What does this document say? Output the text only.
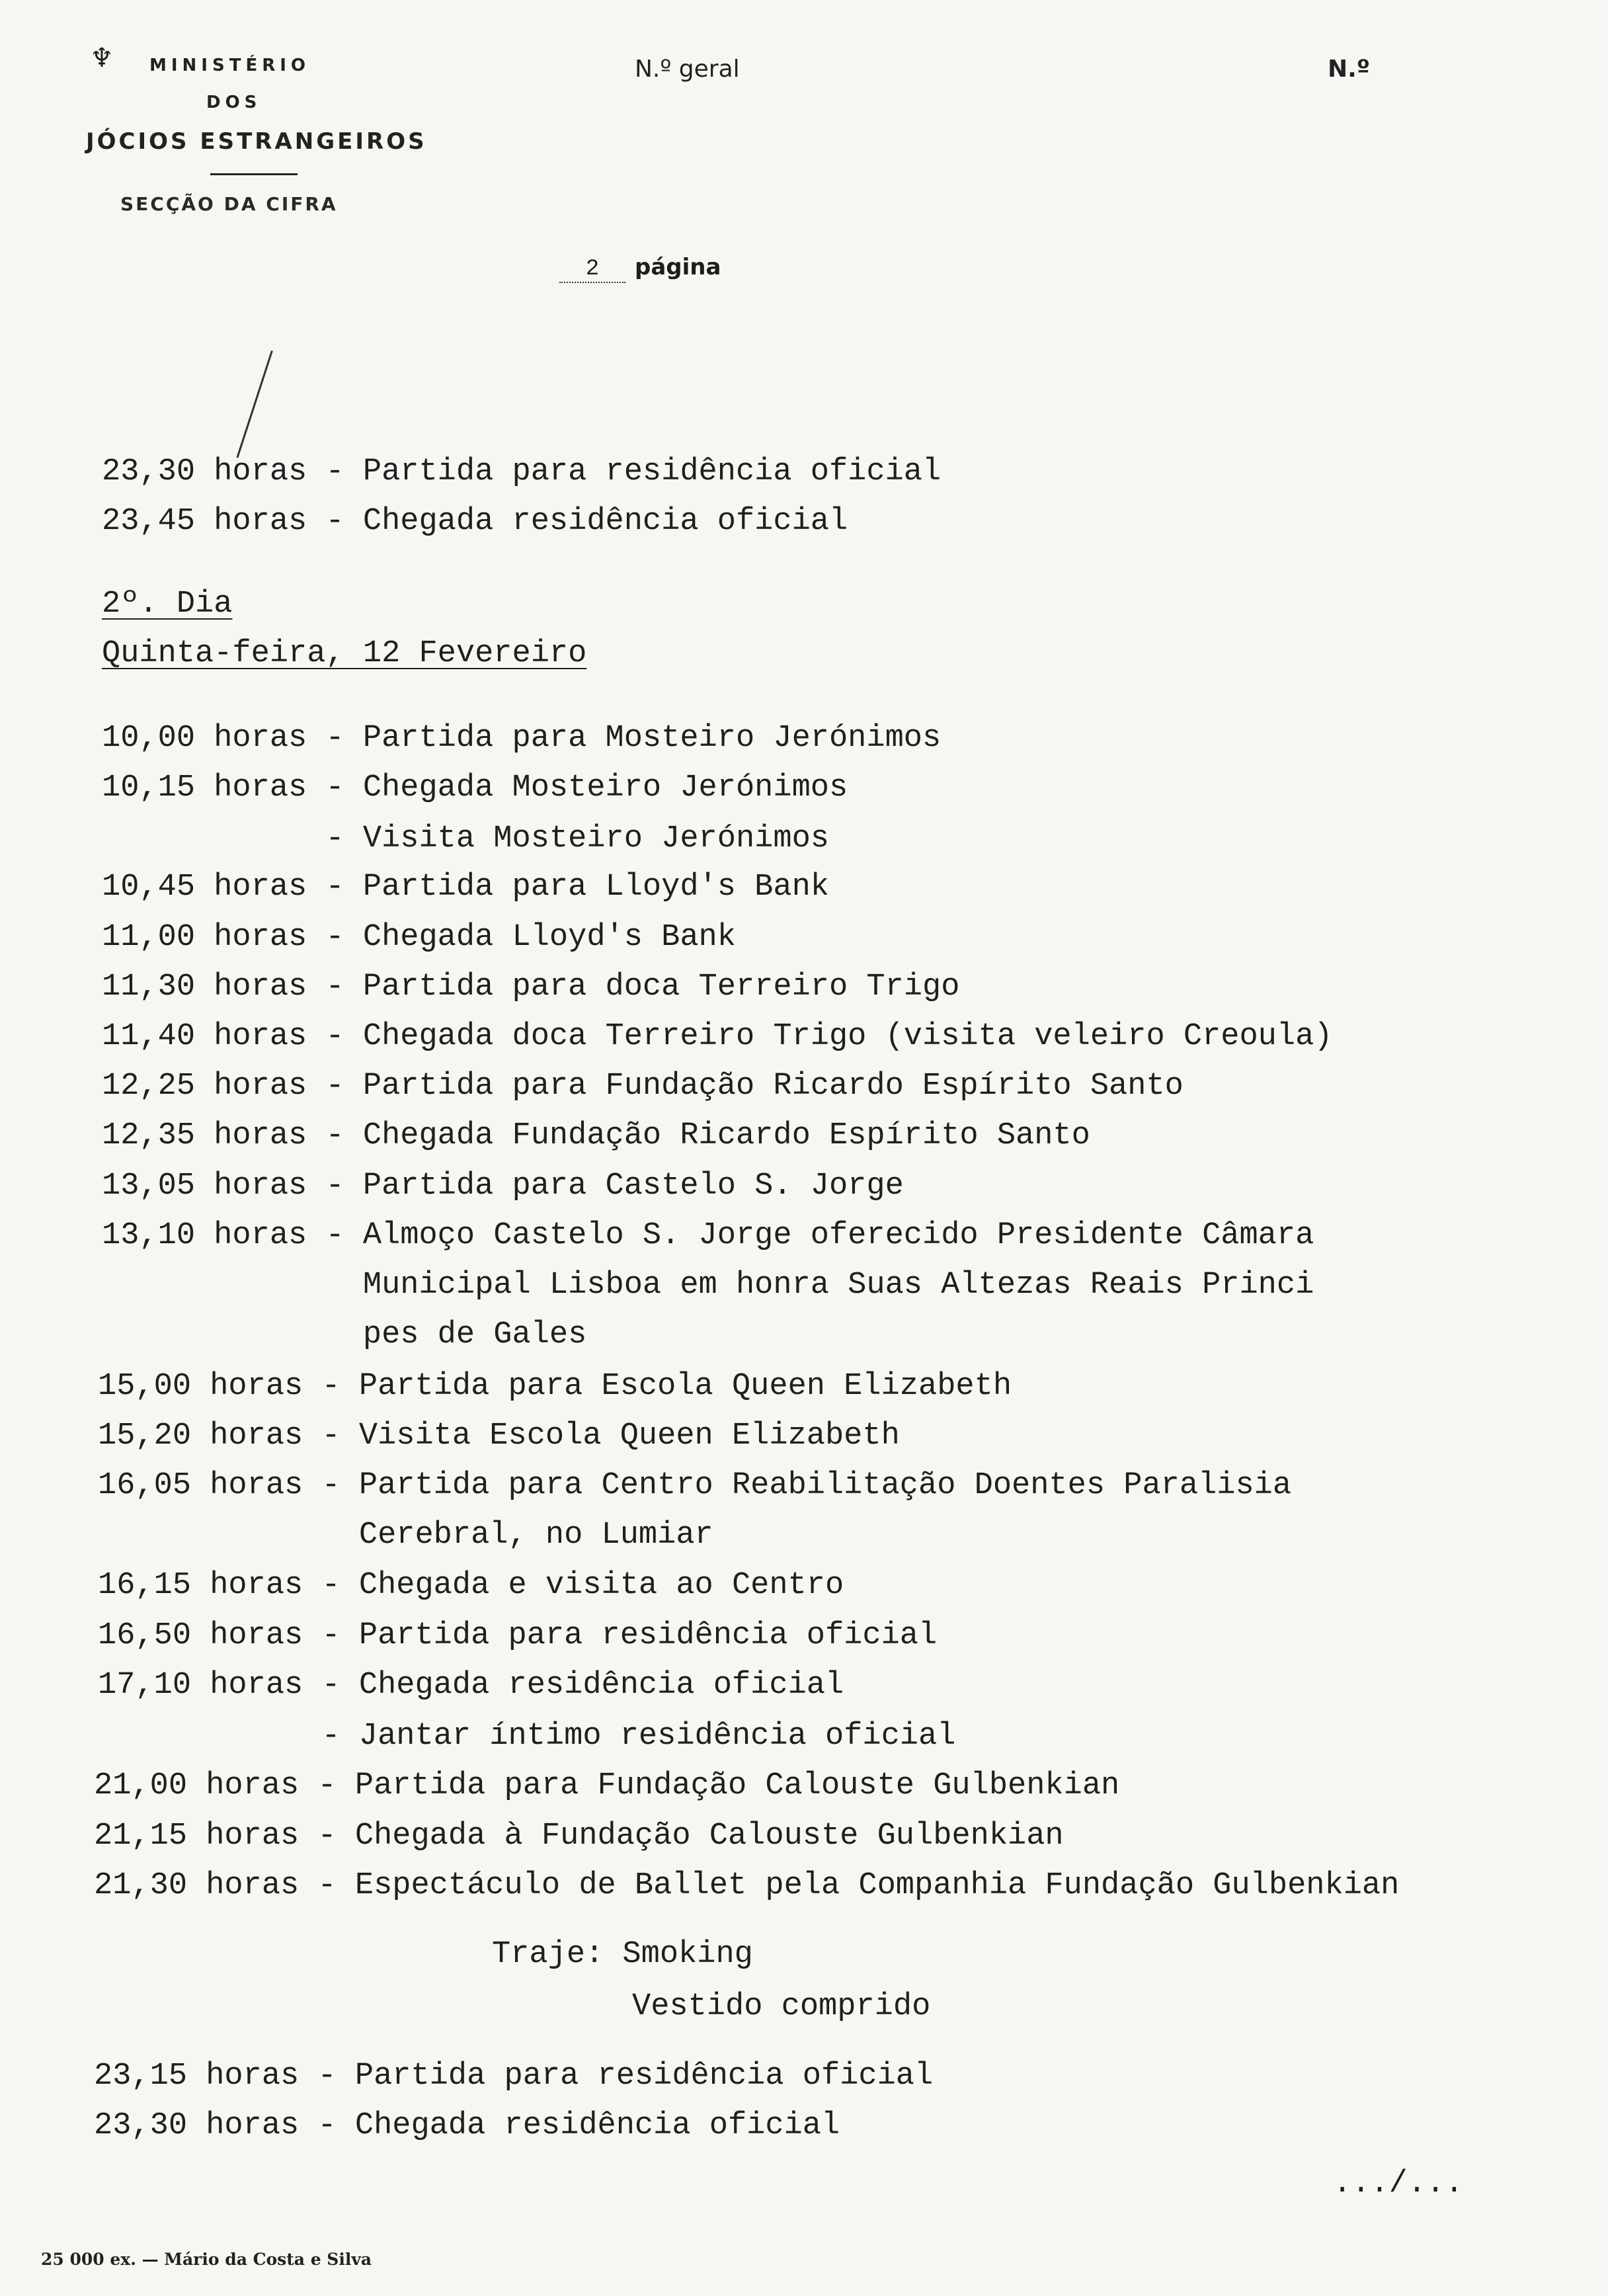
♆ MINISTÉRIO
DOS
JÓCIOS ESTRANGEIROS
SECÇÃO DA CIFRA
N.º geral	N.º
2 página
23,30 horas - Partida para residência oficial
23,45 horas - Chegada residência oficial
2º. Dia
Quinta-feira, 12 Fevereiro
10,00 horas - Partida para Mosteiro Jerónimos
10,15 horas - Chegada Mosteiro Jerónimos
- Visita Mosteiro Jerónimos
10,45 horas - Partida para Lloyd's Bank
11,00 horas - Chegada Lloyd's Bank
11,30 horas - Partida para doca Terreiro Trigo
11,40 horas - Chegada doca Terreiro Trigo (visita veleiro Creoula)
12,25 horas - Partida para Fundação Ricardo Espírito Santo
12,35 horas - Chegada Fundação Ricardo Espírito Santo
13,05 horas - Partida para Castelo S. Jorge
13,10 horas - Almoço Castelo S. Jorge oferecido Presidente Câmara
Municipal Lisboa em honra Suas Altezas Reais Princi
pes de Gales
15,00 horas - Partida para Escola Queen Elizabeth
15,20 horas - Visita Escola Queen Elizabeth
16,05 horas - Partida para Centro Reabilitação Doentes Paralisia
Cerebral, no Lumiar
16,15 horas - Chegada e visita ao Centro
16,50 horas - Partida para residência oficial
17,10 horas - Chegada residência oficial
- Jantar íntimo residência oficial
21,00 horas - Partida para Fundação Calouste Gulbenkian
21,15 horas - Chegada à Fundação Calouste Gulbenkian
21,30 horas - Espectáculo de Ballet pela Companhia Fundação Gulbenkian
Traje: Smoking
Vestido comprido
23,15 horas - Partida para residência oficial
23,30 horas - Chegada residência oficial
.../...
25 000 ex. — Mário da Costa e Silva
